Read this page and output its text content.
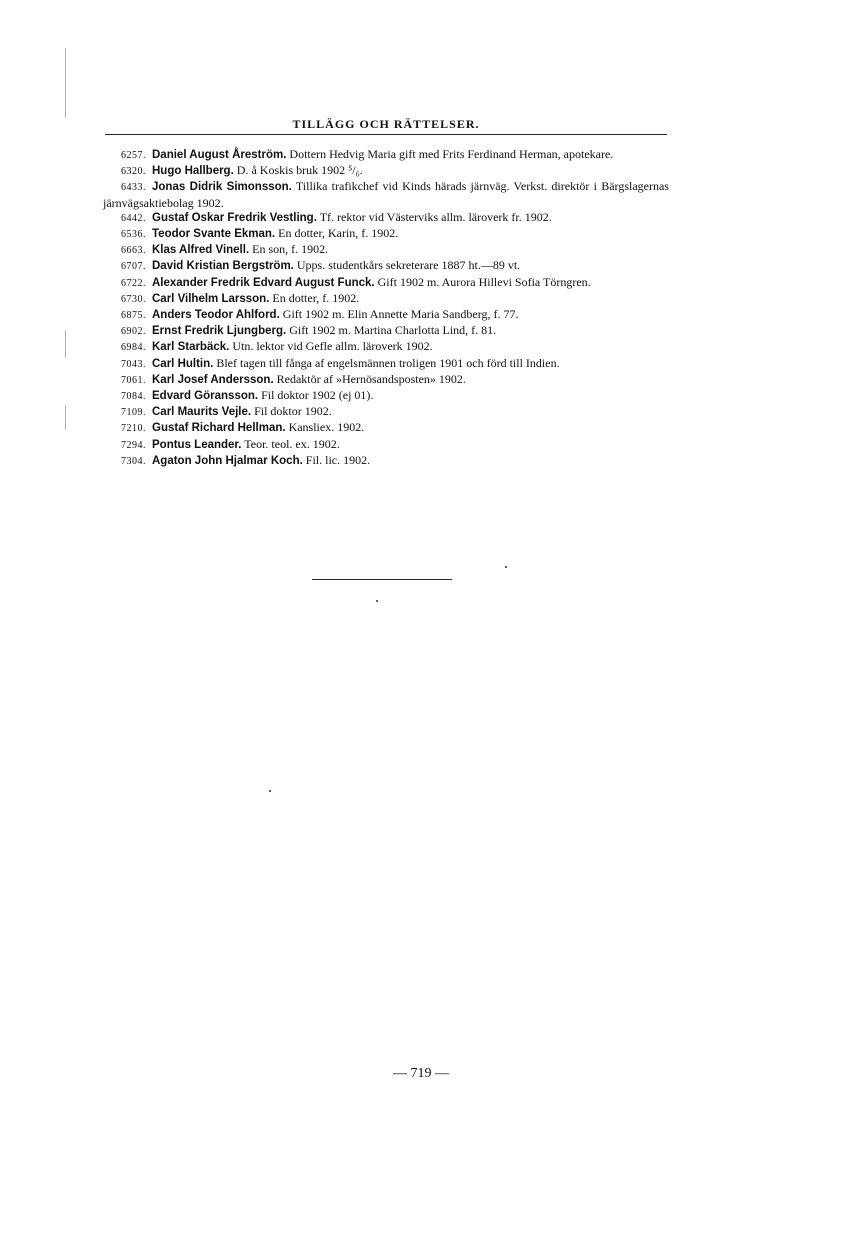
TILLÄGG OCH RÄTTELSER.
6257. Daniel August Åreström. Dottern Hedvig Maria gift med Frits Ferdinand Herman, apotekare.
6320. Hugo Hallberg. D. å Koskis bruk 1902 ⁵/₆.
6433. Jonas Didrik Simonsson. Tillika trafikchef vid Kinds härads järnväg. Verkst. direktör i Bärgslagernas järnvägsaktiebolag 1902.
6442. Gustaf Oskar Fredrik Vestling. Tf. rektor vid Västerviks allm. läroverk fr. 1902.
6536. Teodor Svante Ekman. En dotter, Karin, f. 1902.
6663. Klas Alfred Vinell. En son, f. 1902.
6707. David Kristian Bergström. Upps. studentkårs sekreterare 1887 ht.—89 vt.
6722. Alexander Fredrik Edvard August Funck. Gift 1902 m. Aurora Hillevi Sofia Törngren.
6730. Carl Vilhelm Larsson. En dotter, f. 1902.
6875. Anders Teodor Ahlford. Gift 1902 m. Elin Annette Maria Sandberg, f. 77.
6902. Ernst Fredrik Ljungberg. Gift 1902 m. Martina Charlotta Lind, f. 81.
6984. Karl Starbäck. Utn. lektor vid Gefle allm. läroverk 1902.
7043. Carl Hultin. Blef tagen till fånga af engelsmännen troligen 1901 och förd till Indien.
7061. Karl Josef Andersson. Redaktör af »Hernösandsposten» 1902.
7084. Edvard Göransson. Fil doktor 1902 (ej 01).
7109. Carl Maurits Vejle. Fil doktor 1902.
7210. Gustaf Richard Hellman. Kansliex. 1902.
7294. Pontus Leander. Teor. teol. ex. 1902.
7304. Agaton John Hjalmar Koch. Fil. lic. 1902.
— 719 —
